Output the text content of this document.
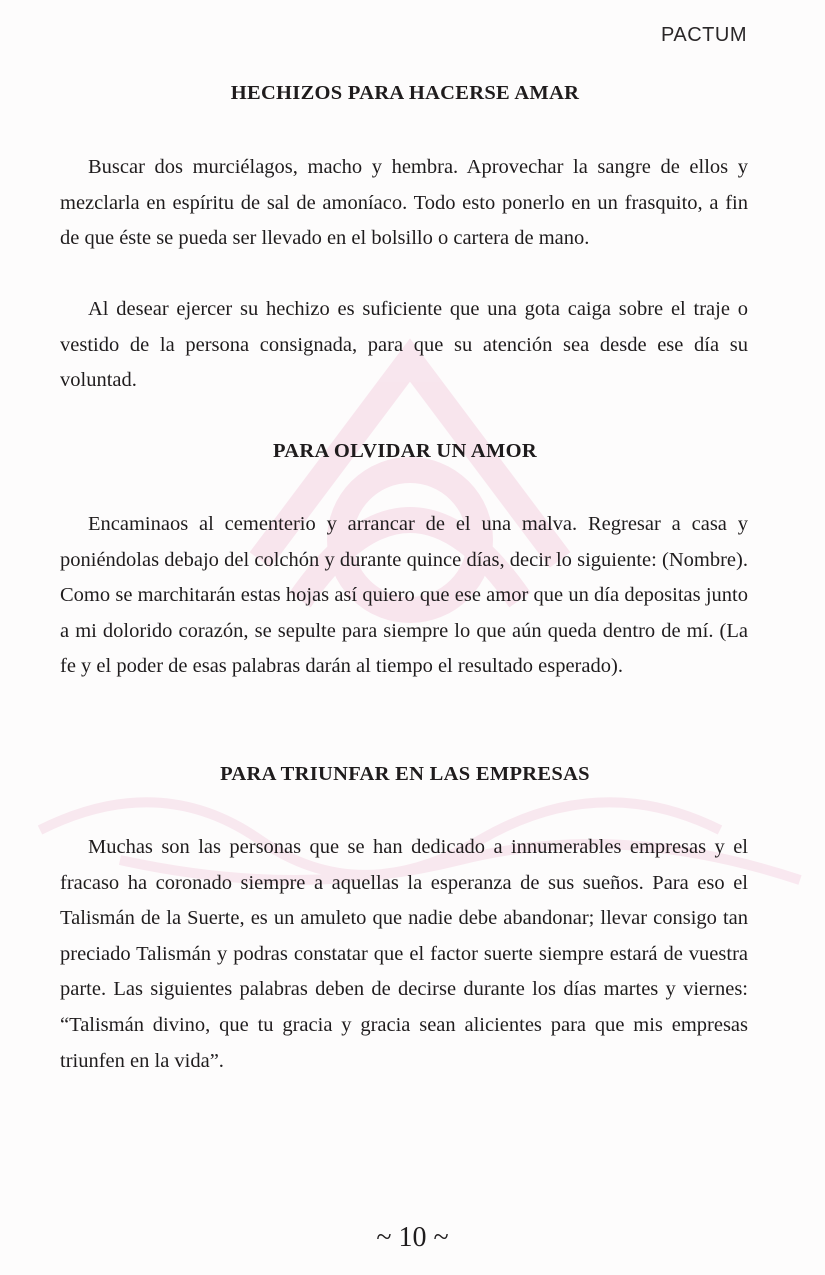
PACTUM
HECHIZOS PARA HACERSE AMAR

Buscar dos murciélagos, macho y hembra. Aprovechar la sangre de ellos y mezclarla en espíritu de sal de amoníaco. Todo esto ponerlo en un frasquito, a fin de que éste se pueda ser llevado en el bolsillo o cartera de mano.

Al desear ejercer su hechizo es suficiente que una gota caiga sobre el traje o vestido de la persona consignada, para que su atención sea desde ese día su voluntad.

PARA OLVIDAR UN AMOR

Encaminaos al cementerio y arrancar de el una malva. Regresar a casa y poniéndolas debajo del colchón y durante quince días, decir lo siguiente: (Nombre). Como se marchitarán estas hojas así quiero que ese amor que un día depositas junto a mi dolorido corazón, se sepulte para siempre lo que aún queda dentro de mí. (La fe y el poder de esas palabras darán al tiempo el resultado esperado).

PARA TRIUNFAR EN LAS EMPRESAS

Muchas son las personas que se han dedicado a innumerables empresas y el fracaso ha coronado siempre a aquellas la esperanza de sus sueños. Para eso el Talismán de la Suerte, es un amuleto que nadie debe abandonar; llevar consigo tan preciado Talismán y podras constatar que el factor suerte siempre estará de vuestra parte. Las siguientes palabras deben de decirse durante los días martes y viernes: “Talismán divino, que tu gracia y gracia sean alicientes para que mis empresas triunfen en la vida”.

~ 10 ~
